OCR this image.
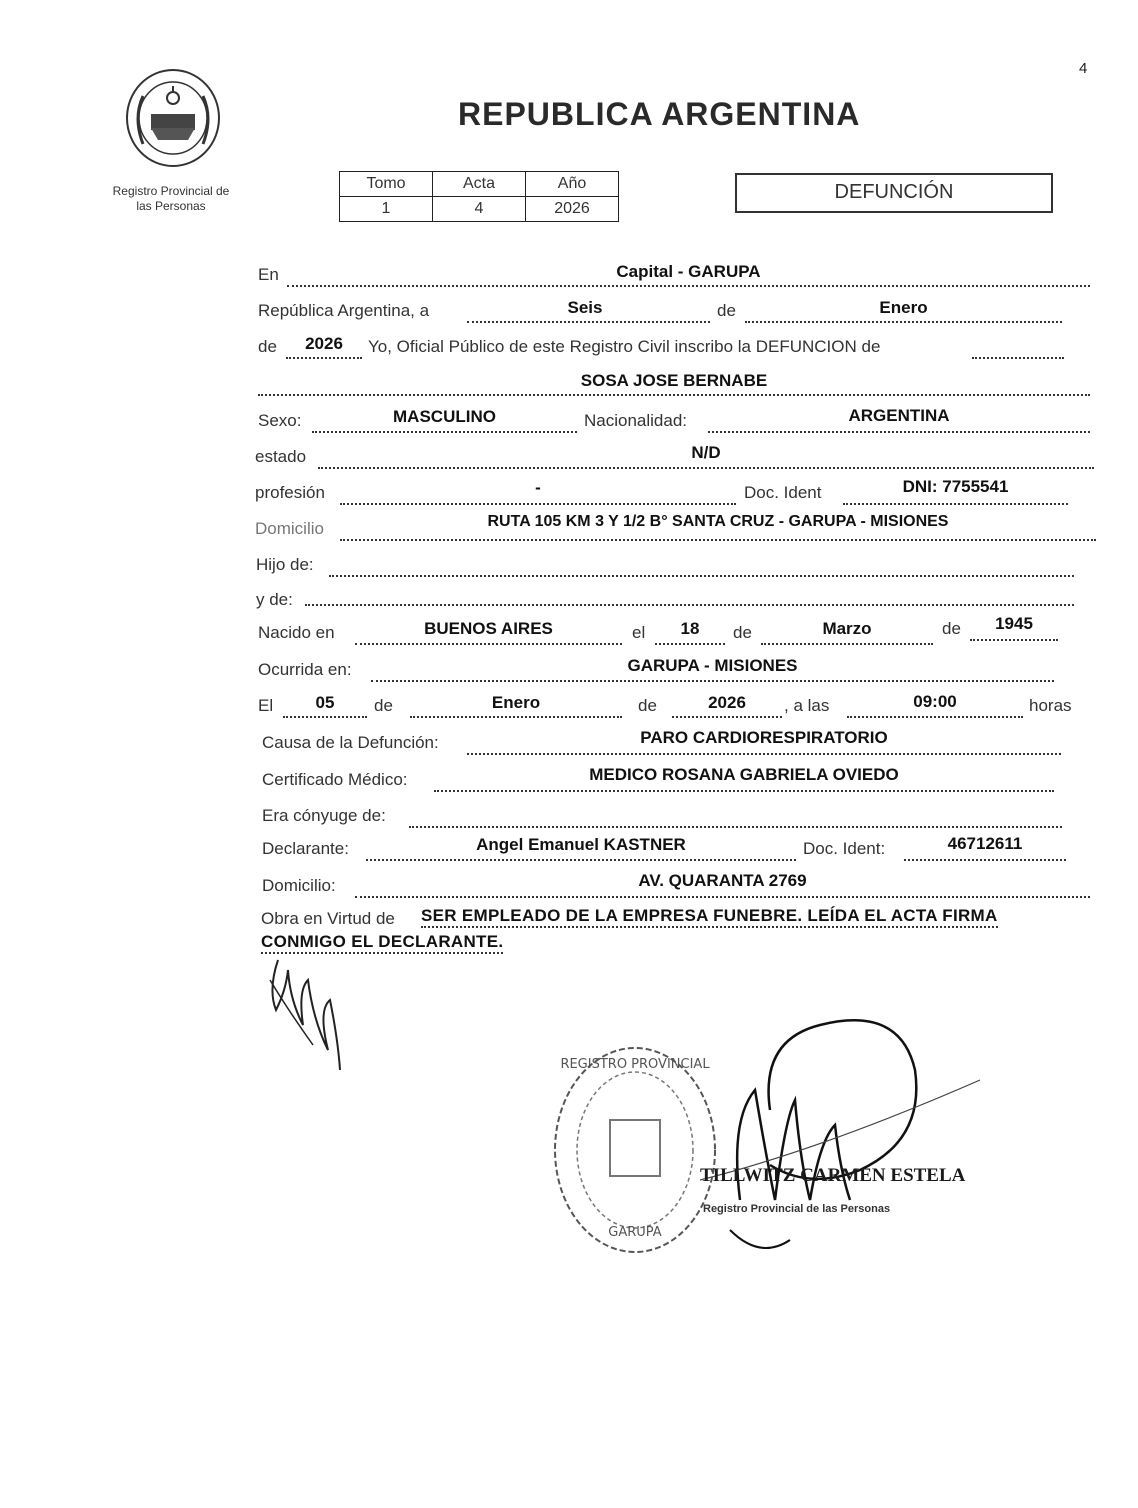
4
Registro Provincial de
las Personas
REPUBLICA ARGENTINA
Tomo	Acta	Año
1	4	2026
DEFUNCIÓN
En	Capital - GARUPA
República Argentina, a	Seis	de	Enero
de	2026	Yo, Oficial Público de este Registro Civil inscribo la DEFUNCION de
SOSA JOSE BERNABE
Sexo:	MASCULINO	Nacionalidad:	ARGENTINA
estado	N/D
profesión	-	Doc. Ident	DNI: 7755541
Domicilio	RUTA 105 KM 3 Y 1/2 B° SANTA CRUZ - GARUPA - MISIONES
Hijo de:
y de:
Nacido en	BUENOS AIRES	el	18	de	Marzo	de	1945
Ocurrida en:	GARUPA - MISIONES
El	05	de	Enero	de	2026	, a las	09:00	horas
Causa de la Defunción:	PARO CARDIORESPIRATORIO
Certificado Médico:	MEDICO ROSANA GABRIELA OVIEDO
Era cónyuge de:
Declarante:	Angel Emanuel KASTNER	Doc. Ident:	46712611
Domicilio:	AV. QUARANTA 2769
Obra en Virtud de SER EMPLEADO DE LA EMPRESA FUNEBRE. LEÍDA EL ACTA FIRMA
CONMIGO EL DECLARANTE.
REGISTRO PROVINCIAL
GARUPA
TILLWITZ CARMEN ESTELA
Registro Provincial de las Personas
